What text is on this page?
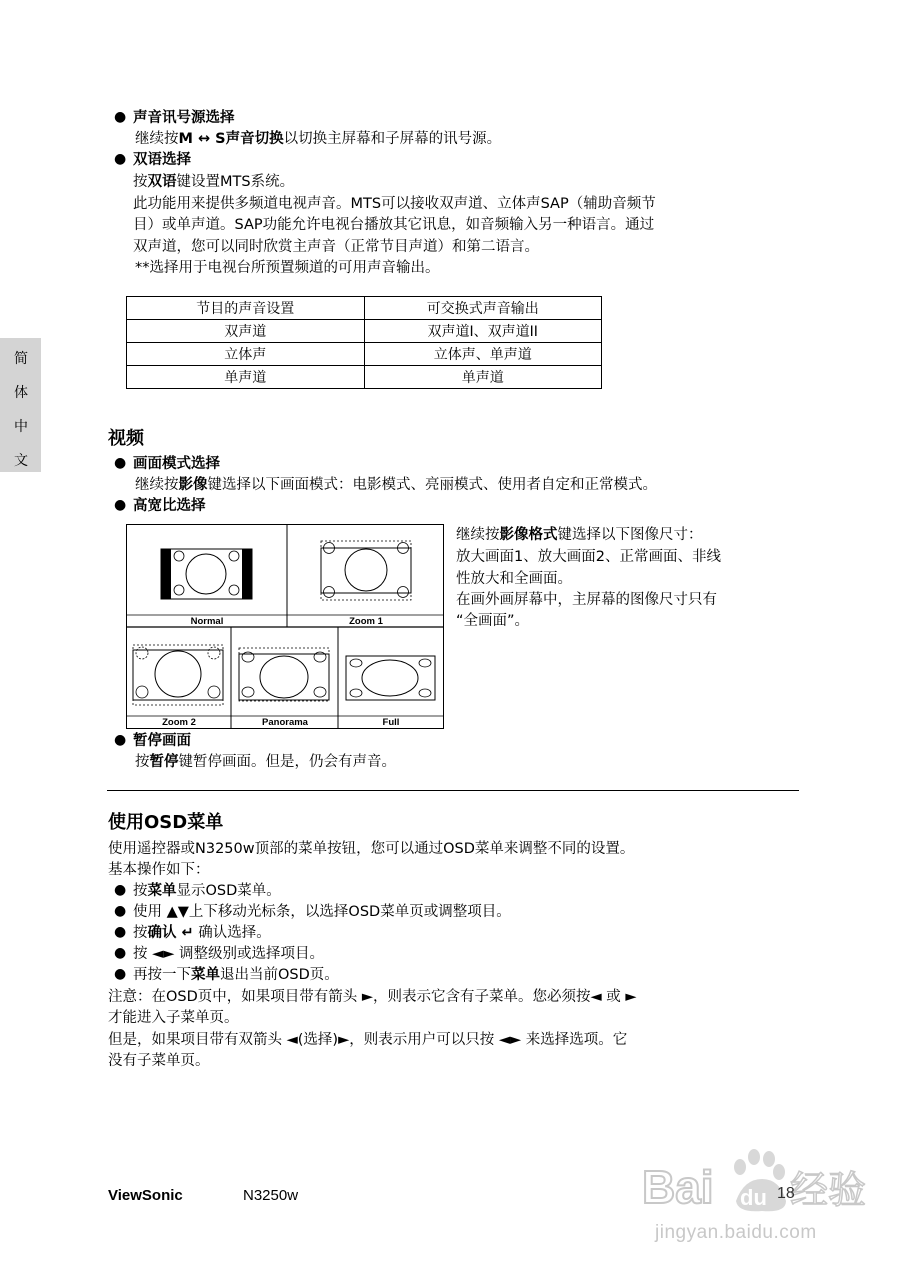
简
体
中
文
● 声音讯号源选择
继续按M ↔ S声音切换以切换主屏幕和子屏幕的讯号源。
● 双语选择
按双语键设置MTS系统。
此功能用来提供多频道电视声音。MTS可以接收双声道、立体声SAP（辅助音频节
目）或单声道。SAP功能允许电视台播放其它讯息，如音频输入另一种语言。通过
双声道，您可以同时欣赏主声音（正常节目声道）和第二语言。
**选择用于电视台所预置频道的可用声音输出。
节目的声音设置	可交换式声音输出
双声道	双声道I、双声道II
立体声	立体声、单声道
单声道	单声道
视频
● 画面模式选择
继续按影像键选择以下画面模式：电影模式、亮丽模式、使用者自定和正常模式。
● 高宽比选择
Normal	Zoom 1
Zoom 2	Panorama	Full
继续按影像格式键选择以下图像尺寸：
放大画面1、放大画面2、正常画面、非线
性放大和全画面。
在画外画屏幕中，主屏幕的图像尺寸只有
“全画面”。
● 暂停画面
按暂停键暂停画面。但是，仍会有声音。
使用OSD菜单
使用遥控器或N3250w顶部的菜单按钮，您可以通过OSD菜单来调整不同的设置。
基本操作如下：
● 按菜单显示OSD菜单。
● 使用 ▲▼上下移动光标条，以选择OSD菜单页或调整项目。
● 按确认 ↵ 确认选择。
● 按 ◄► 调整级别或选择项目。
● 再按一下菜单退出当前OSD页。
注意：在OSD页中，如果项目带有箭头 ►，则表示它含有子菜单。您必须按◄ 或 ►
才能进入子菜单页。
但是，如果项目带有双箭头 ◄(选择)►，则表示用户可以只按 ◄► 来选择选项。它
没有子菜单页。
ViewSonic	N3250w	Bai du 经验
18
jingyan.baidu.com
